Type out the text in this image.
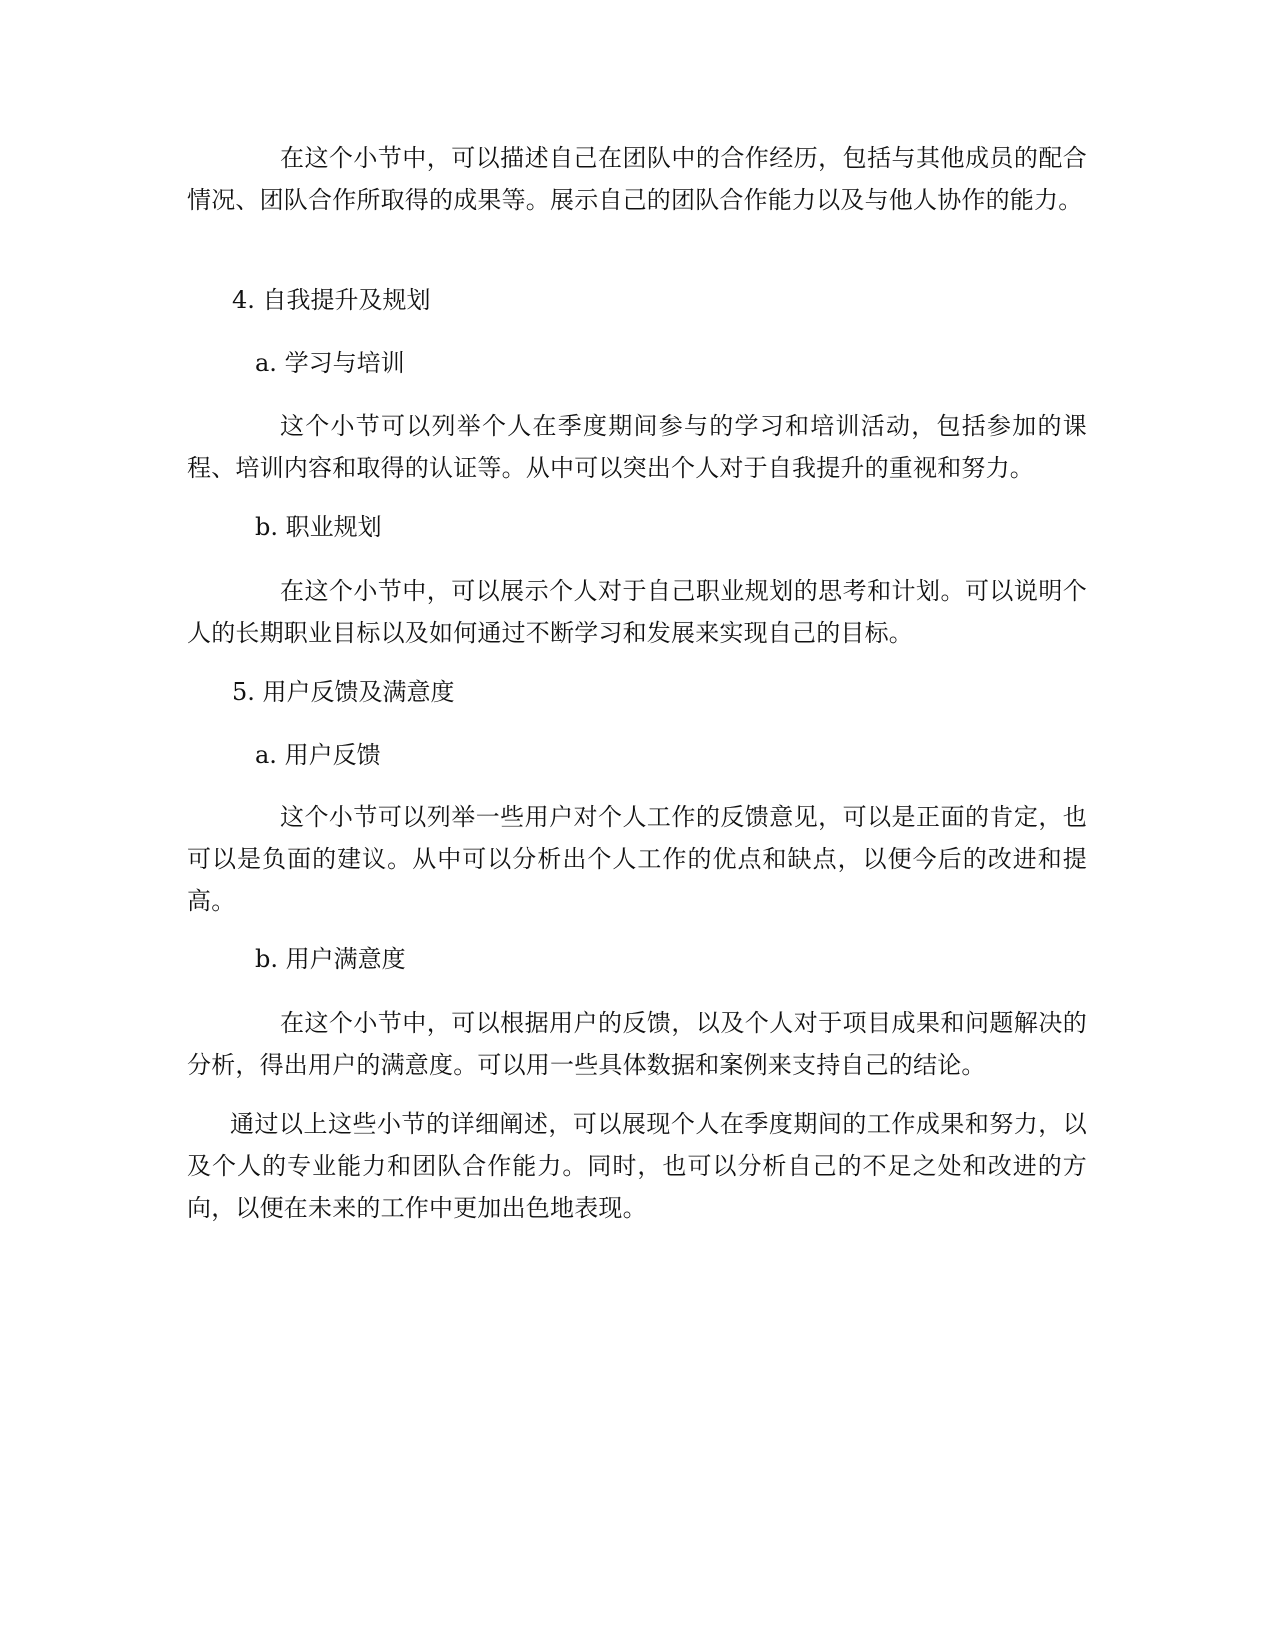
在这个小节中，可以描述自己在团队中的合作经历，包括与其他成员的配合情况、团队合作所取得的成果等。展示自己的团队合作能力以及与他人协作的能力。

4. 自我提升及规划

a. 学习与培训

这个小节可以列举个人在季度期间参与的学习和培训活动，包括参加的课程、培训内容和取得的认证等。从中可以突出个人对于自我提升的重视和努力。

b. 职业规划

在这个小节中，可以展示个人对于自己职业规划的思考和计划。可以说明个人的长期职业目标以及如何通过不断学习和发展来实现自己的目标。

5. 用户反馈及满意度

a. 用户反馈

这个小节可以列举一些用户对个人工作的反馈意见，可以是正面的肯定，也可以是负面的建议。从中可以分析出个人工作的优点和缺点，以便今后的改进和提高。

b. 用户满意度

在这个小节中，可以根据用户的反馈，以及个人对于项目成果和问题解决的分析，得出用户的满意度。可以用一些具体数据和案例来支持自己的结论。

通过以上这些小节的详细阐述，可以展现个人在季度期间的工作成果和努力，以及个人的专业能力和团队合作能力。同时，也可以分析自己的不足之处和改进的方向，以便在未来的工作中更加出色地表现。
